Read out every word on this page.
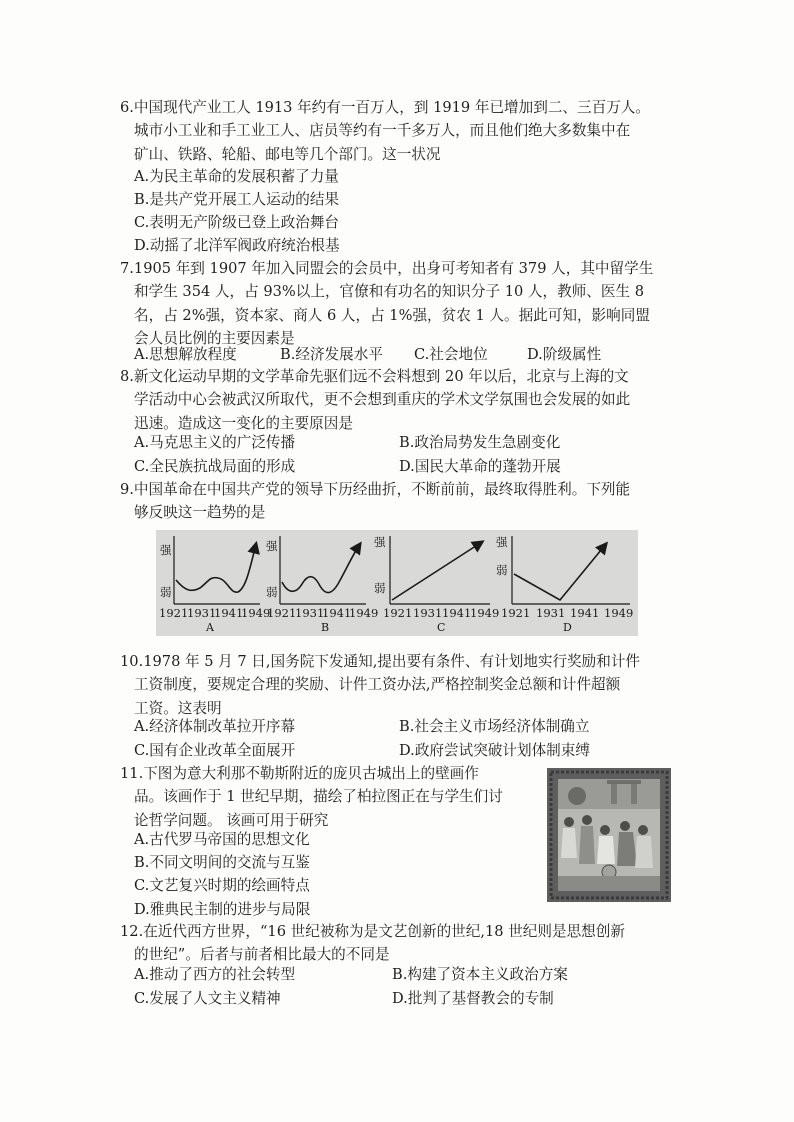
6.中国现代产业工人 1913 年约有一百万人，到 1919 年已增加到二、三百万人。
城市小工业和手工业工人、店员等约有一千多万人，而且他们绝大多数集中在
矿山、铁路、轮船、邮电等几个部门。这一状况
A.为民主革命的发展积蓄了力量
B.是共产党开展工人运动的结果
C.表明无产阶级已登上政治舞台
D.动摇了北洋军阀政府统治根基
7.1905 年到 1907 年加入同盟会的会员中，出身可考知者有 379 人，其中留学生
和学生 354 人，占 93%以上，官僚和有功名的知识分子 10 人，教师、医生 8
名，占 2%强，资本家、商人 6 人，占 1%强，贫农 1 人。据此可知，影响同盟
会人员比例的主要因素是
A.思想解放程度	B.经济发展水平 C.社会地位	D.阶级属性
8.新文化运动早期的文学革命先驱们远不会料想到 20 年以后，北京与上海的文
学活动中心会被武汉所取代，更不会想到重庆的学术文学氛围也会发展的如此
迅速。造成这一变化的主要原因是
A.马克思主义的广泛传播	B.政治局势发生急剧变化
C.全民族抗战局面的形成	D.国民大革命的蓬勃开展
9.中国革命在中国共产党的领导下历经曲折，不断前前，最终取得胜利。下列能
够反映这一趋势的是
强
弱
1921
1931
1941
1949
A
强
弱
1921
1931
1941
1949
B
强
弱
1921 1931 1941
1949
C
强
弱
1921 1931 1941 1949
D
10.1978 年 5 月 7 日,国务院下发通知,提出要有条件、有计划地实行奖励和计件
工资制度，要规定合理的奖励、计件工资办法,严格控制奖金总额和计件超额
工资。这表明
A.经济体制改革拉开序幕	B.社会主义市场经济体制确立
C.国有企业改革全面展开	D.政府尝试突破计划体制束缚
11.下图为意大利那不勒斯附近的庞贝古城出上的壁画作
品。该画作于 1 世纪早期，描绘了柏拉图正在与学生们讨
论哲学问题。 该画可用于研究
A.古代罗马帝国的思想文化
B.不同文明间的交流与互鉴
C.文艺复兴时期的绘画特点
D.雅典民主制的进步与局限
12.在近代西方世界，“16 世纪被称为是文艺创新的世纪,18 世纪则是思想创新
的世纪”。后者与前者相比最大的不同是
A.推动了西方的社会转型	B.构建了资本主义政治方案
C.发展了人文主义精神	D.批判了基督教会的专制
